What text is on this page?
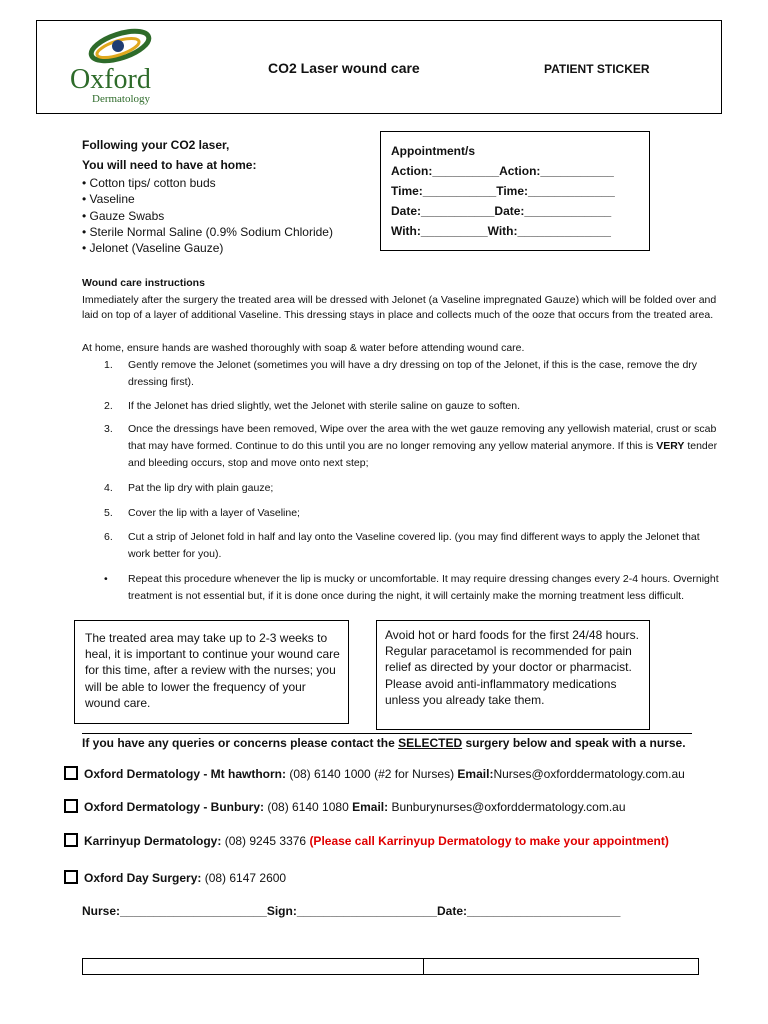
Oxford
Dermatology
CO2 Laser wound care	PATIENT STICKER
Following your CO2 laser,
You will need to have at home:
• Cotton tips/ cotton buds
• Vaseline
• Gauze Swabs
• Sterile Normal Saline (0.9% Sodium Chloride)
• Jelonet (Vaseline Gauze)
Appointment/s
Action:__________Action:___________
Time:___________Time:_____________
Date:___________Date:_____________
With:__________With:______________
Wound care instructions
Immediately after the surgery the treated area will be dressed with Jelonet (a Vaseline impregnated Gauze) which will be folded over and laid on top of a layer of additional Vaseline. This dressing stays in place and collects much of the ooze that occurs from the treated area.
At home, ensure hands are washed thoroughly with soap & water before attending wound care.
1.	Gently remove the Jelonet (sometimes you will have a dry dressing on top of the Jelonet, if this is the case, remove the dry dressing first).
2.	If the Jelonet has dried slightly, wet the Jelonet with sterile saline on gauze to soften.
3.	Once the dressings have been removed, Wipe over the area with the wet gauze removing any yellowish material, crust or scab that may have formed. Continue to do this until you are no longer removing any yellow material anymore. If this is VERY tender and bleeding occurs, stop and move onto next step;
4.	Pat the lip dry with plain gauze;
5.	Cover the lip with a layer of Vaseline;
6.	Cut a strip of Jelonet fold in half and lay onto the Vaseline covered lip. (you may find different ways to apply the Jelonet that work better for you).
•	Repeat this procedure whenever the lip is mucky or uncomfortable. It may require dressing changes every 2-4 hours. Overnight treatment is not essential but, if it is done once during the night, it will certainly make the morning treatment less difficult.
The treated area may take up to 2-3 weeks to heal, it is important to continue your wound care for this time, after a review with the nurses; you will be able to lower the frequency of your wound care.
Avoid hot or hard foods for the first 24/48 hours. Regular paracetamol is recommended for pain relief as directed by your doctor or pharmacist. Please avoid anti-inflammatory medications unless you already take them.
If you have any queries or concerns please contact the SELECTED surgery below and speak with a nurse.
Oxford Dermatology - Mt hawthorn: (08) 6140 1000 (#2 for Nurses) Email:Nurses@oxforddermatology.com.au
Oxford Dermatology - Bunbury: (08) 6140 1080 Email: Bunburynurses@oxforddermatology.com.au
Karrinyup Dermatology: (08) 9245 3376 (Please call Karrinyup Dermatology to make your appointment)
Oxford Day Surgery: (08) 6147 2600
Nurse:______________________Sign:_____________________Date:_______________________
